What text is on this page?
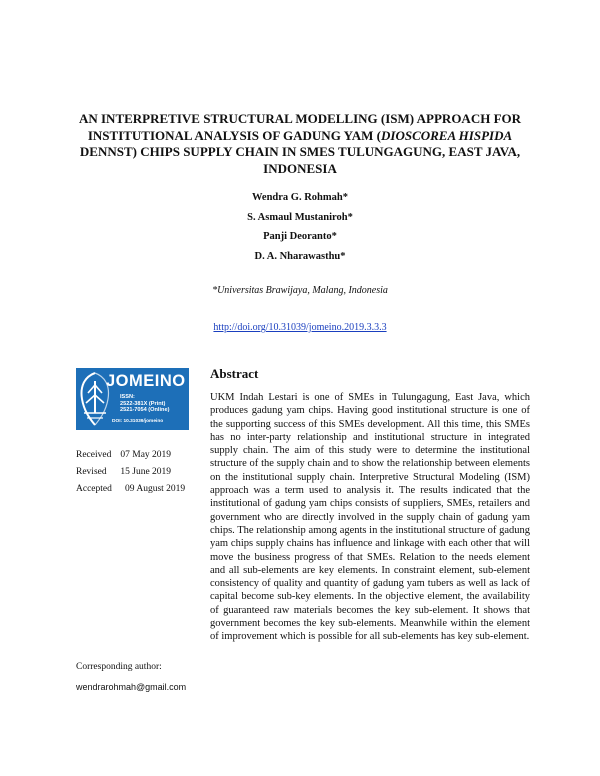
AN INTERPRETIVE STRUCTURAL MODELLING (ISM) APPROACH FOR INSTITUTIONAL ANALYSIS OF GADUNG YAM (DIOSCOREA HISPIDA DENNST) CHIPS SUPPLY CHAIN IN SMES TULUNGAGUNG, EAST JAVA, INDONESIA
Wendra G. Rohmah*
S. Asmaul Mustaniroh*
Panji Deoranto*
D. A. Nharawasthu*
*Universitas Brawijaya, Malang, Indonesia
http://doi.org/10.31039/jomeino.2019.3.3.3
JOMEINO
ISSN:
2522-381X (Print)
2521-7054 (Online)
DOI: 10.31039/jomeino
Received 07 May 2019
Revised 15 June 2019
Accepted 09 August 2019
Corresponding author:
wendrarohmah@gmail.com
Abstract

UKM Indah Lestari is one of SMEs in Tulungagung, East Java, which produces gadung yam chips. Having good institutional structure is one of the supporting success of this SMEs development. All this time, this SMEs has no inter-party relationship and institutional structure in integrated supply chain. The aim of this study were to determine the institutional structure of the supply chain and to show the relationship between elements on the institutional supply chain. Interpretive Structural Modeling (ISM) approach was a term used to analysis it. The results indicated that the institutional of gadung yam chips consists of suppliers, SMEs, retailers and government who are directly involved in the supply chain of gadung yam chips. The relationship among agents in the institutional structure of gadung yam chips supply chains has influence and linkage with each other that will move the business progress of that SMEs. Relation to the needs element and all sub-elements are key elements. In constraint element, sub-element consistency of quality and quantity of gadung yam tubers as well as lack of capital become sub-key elements. In the objective element, the availability of guaranteed raw materials becomes the key sub-element. It shows that government becomes the key sub-elements. Meanwhile within the element of improvement which is possible for all sub-elements has key sub-element.
